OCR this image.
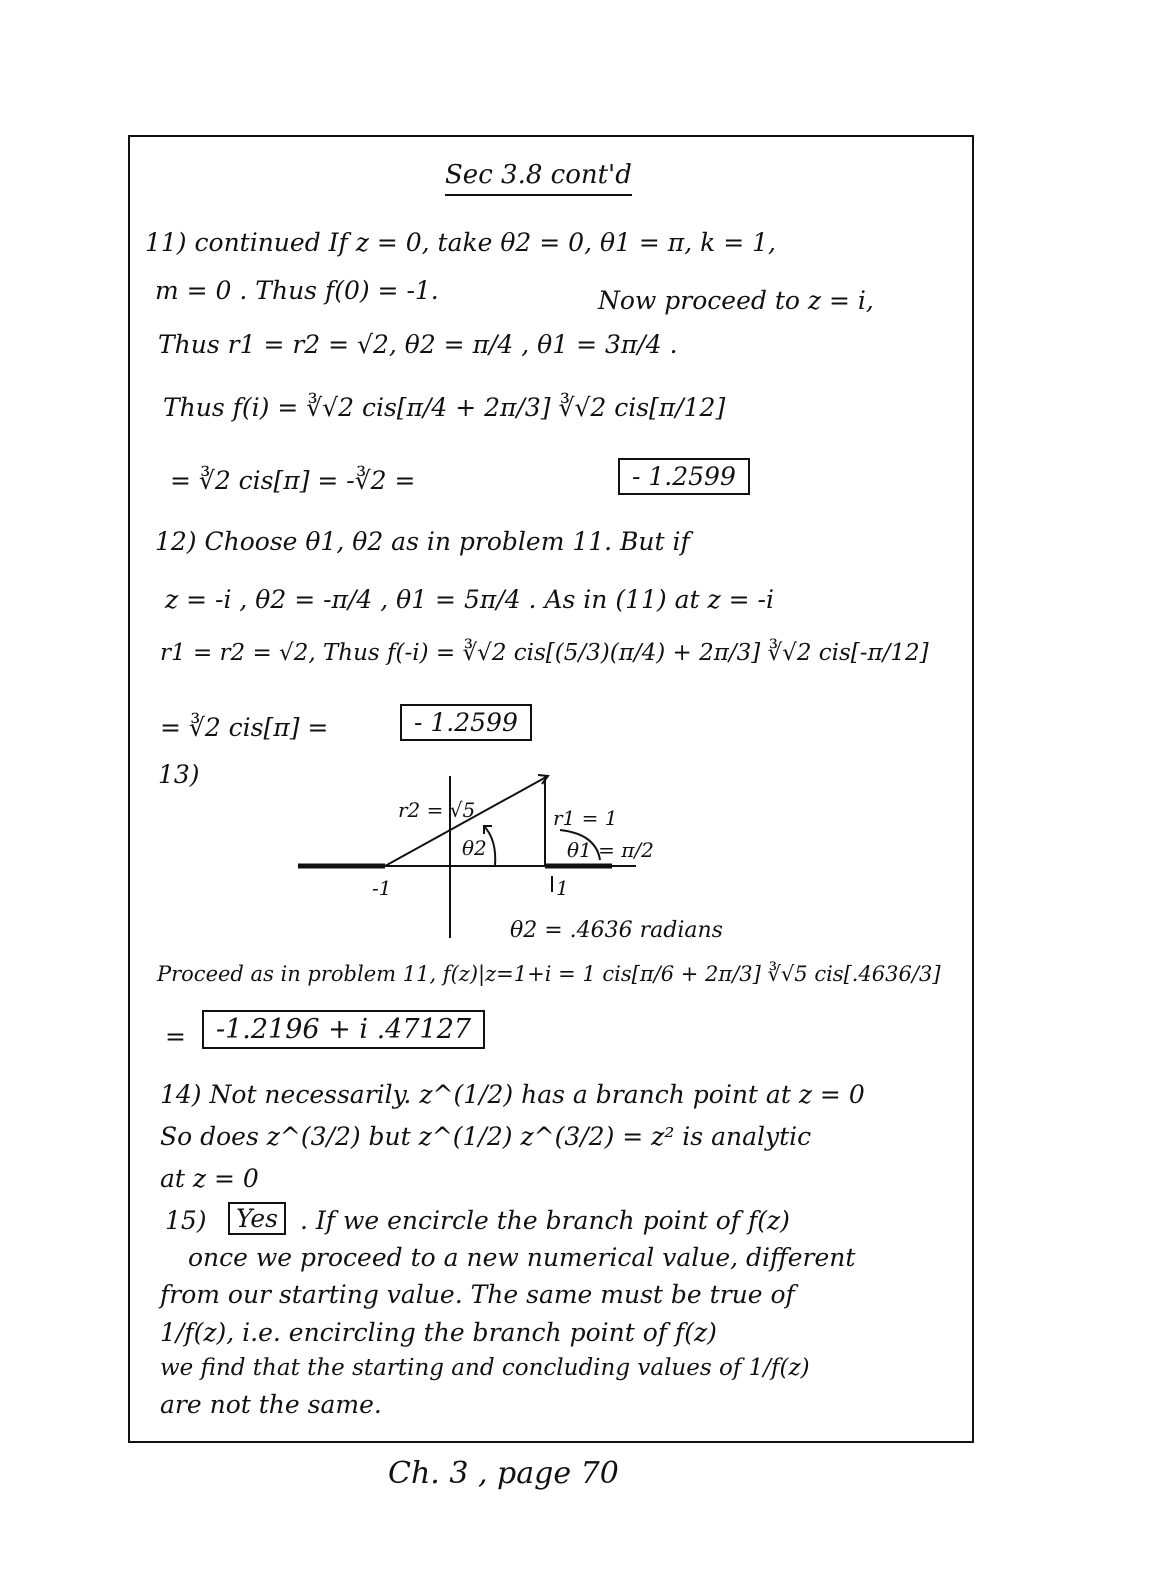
Sec 3.8 cont'd
11) continued If z = 0, take θ2 = 0, θ1 = π, k = 1,
m = 0 . Thus f(0) = -1.	Now proceed to z = i,
Thus r1 = r2 = √2, θ2 = π/4 , θ1 = 3π/4 .
Thus f(i) = ∛√2 cis[π/4 + 2π/3] ∛√2 cis[π/12]
= ∛2 cis[π] = -∛2 =	- 1.2599
12) Choose θ1, θ2 as in problem 11. But if
z = -i , θ2 = -π/4 , θ1 = 5π/4 . As in (11) at z = -i
r1 = r2 = √2, Thus f(-i) = ∛√2 cis[(5/3)(π/4) + 2π/3] ∛√2 cis[-π/12]
= ∛2 cis[π] =	- 1.2599
13)
r2 = √5
θ2
r1 = 1
θ1 = π/2
-1	1
θ2 = .4636 radians
Proceed as in problem 11, f(z)|z=1+i = 1 cis[π/6 + 2π/3] ∛√5 cis[.4636/3]
=	-1.2196 + i .47127
14) Not necessarily. z^(1/2) has a branch point at z = 0
So does z^(3/2) but z^(1/2) z^(3/2) = z² is analytic
at z = 0
15)	Yes . If we encircle the branch point of f(z)
once we proceed to a new numerical value, different
from our starting value. The same must be true of
1/f(z), i.e. encircling the branch point of f(z)
we find that the starting and concluding values of 1/f(z)
are not the same.
Ch. 3 , page 70
